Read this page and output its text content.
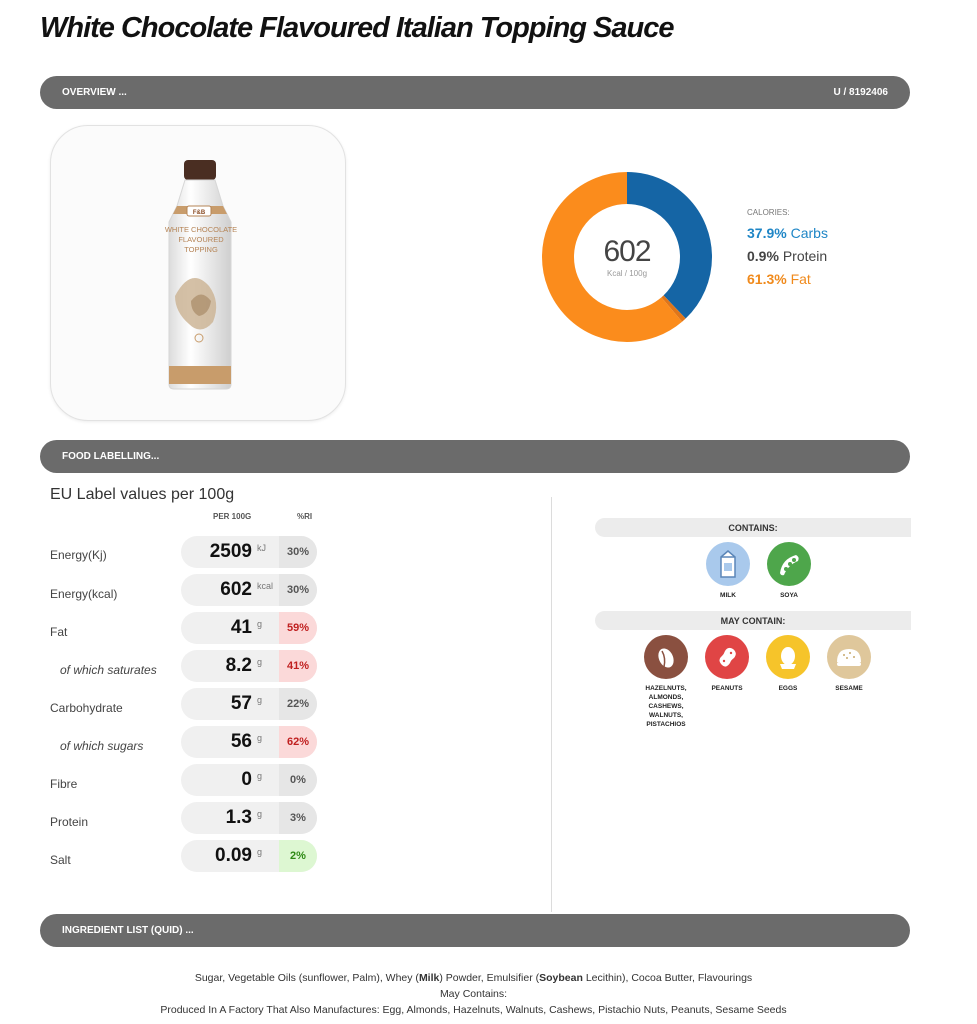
White Chocolate Flavoured Italian Topping Sauce
OVERVIEW ...	U / 8192406
F&B
WHITE CHOCOLATE
FLAVOURED
TOPPING	602
Kcal / 100g
CALORIES:
37.9% Carbs
0.9% Protein
61.3% Fat
FOOD LABELLING...
EU Label values per 100g
PER 100G	%RI
Energy(Kj)	2509 kJ	30%
Energy(kcal)	602 kcal	30%
Fat	41 g	59%
of which saturates	8.2 g	41%
Carbohydrate	57 g	22%
of which sugars	56 g	62%
Fibre	0 g	0%
Protein	1.3 g	3%
Salt	0.09 g	2%
CONTAINS:
MILK	SOYA
MAY CONTAIN:
HAZELNUTS, ALMONDS, CASHEWS, WALNUTS, PISTACHIOS
PEANUTS	EGGS	SESAME
INGREDIENT LIST (QUID) ...
Sugar, Vegetable Oils (sunflower, Palm), Whey (Milk) Powder, Emulsifier (Soybean Lecithin), Cocoa Butter, Flavourings
May Contains:
Produced In A Factory That Also Manufactures: Egg, Almonds, Hazelnuts, Walnuts, Cashews, Pistachio Nuts, Peanuts, Sesame Seeds
